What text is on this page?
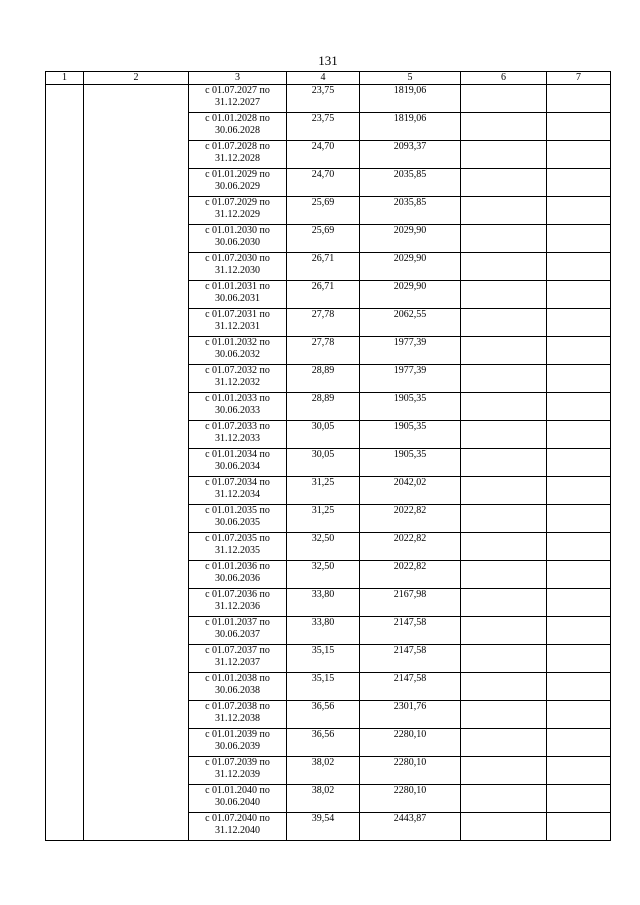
131
1	2	3	4	5	6	7
		с 01.07.2027 по 31.12.2027	23,75	1819,06		
		с 01.01.2028 по 30.06.2028	23,75	1819,06		
		с 01.07.2028 по 31.12.2028	24,70	2093,37		
		с 01.01.2029 по 30.06.2029	24,70	2035,85		
		с 01.07.2029 по 31.12.2029	25,69	2035,85		
		с 01.01.2030 по 30.06.2030	25,69	2029,90		
		с 01.07.2030 по 31.12.2030	26,71	2029,90		
		с 01.01.2031 по 30.06.2031	26,71	2029,90		
		с 01.07.2031 по 31.12.2031	27,78	2062,55		
		с 01.01.2032 по 30.06.2032	27,78	1977,39		
		с 01.07.2032 по 31.12.2032	28,89	1977,39		
		с 01.01.2033 по 30.06.2033	28,89	1905,35		
		с 01.07.2033 по 31.12.2033	30,05	1905,35		
		с 01.01.2034 по 30.06.2034	30,05	1905,35		
		с 01.07.2034 по 31.12.2034	31,25	2042,02		
		с 01.01.2035 по 30.06.2035	31,25	2022,82		
		с 01.07.2035 по 31.12.2035	32,50	2022,82		
		с 01.01.2036 по 30.06.2036	32,50	2022,82		
		с 01.07.2036 по 31.12.2036	33,80	2167,98		
		с 01.01.2037 по 30.06.2037	33,80	2147,58		
		с 01.07.2037 по 31.12.2037	35,15	2147,58		
		с 01.01.2038 по 30.06.2038	35,15	2147,58		
		с 01.07.2038 по 31.12.2038	36,56	2301,76		
		с 01.01.2039 по 30.06.2039	36,56	2280,10		
		с 01.07.2039 по 31.12.2039	38,02	2280,10		
		с 01.01.2040 по 30.06.2040	38,02	2280,10		
		с 01.07.2040 по 31.12.2040	39,54	2443,87		
